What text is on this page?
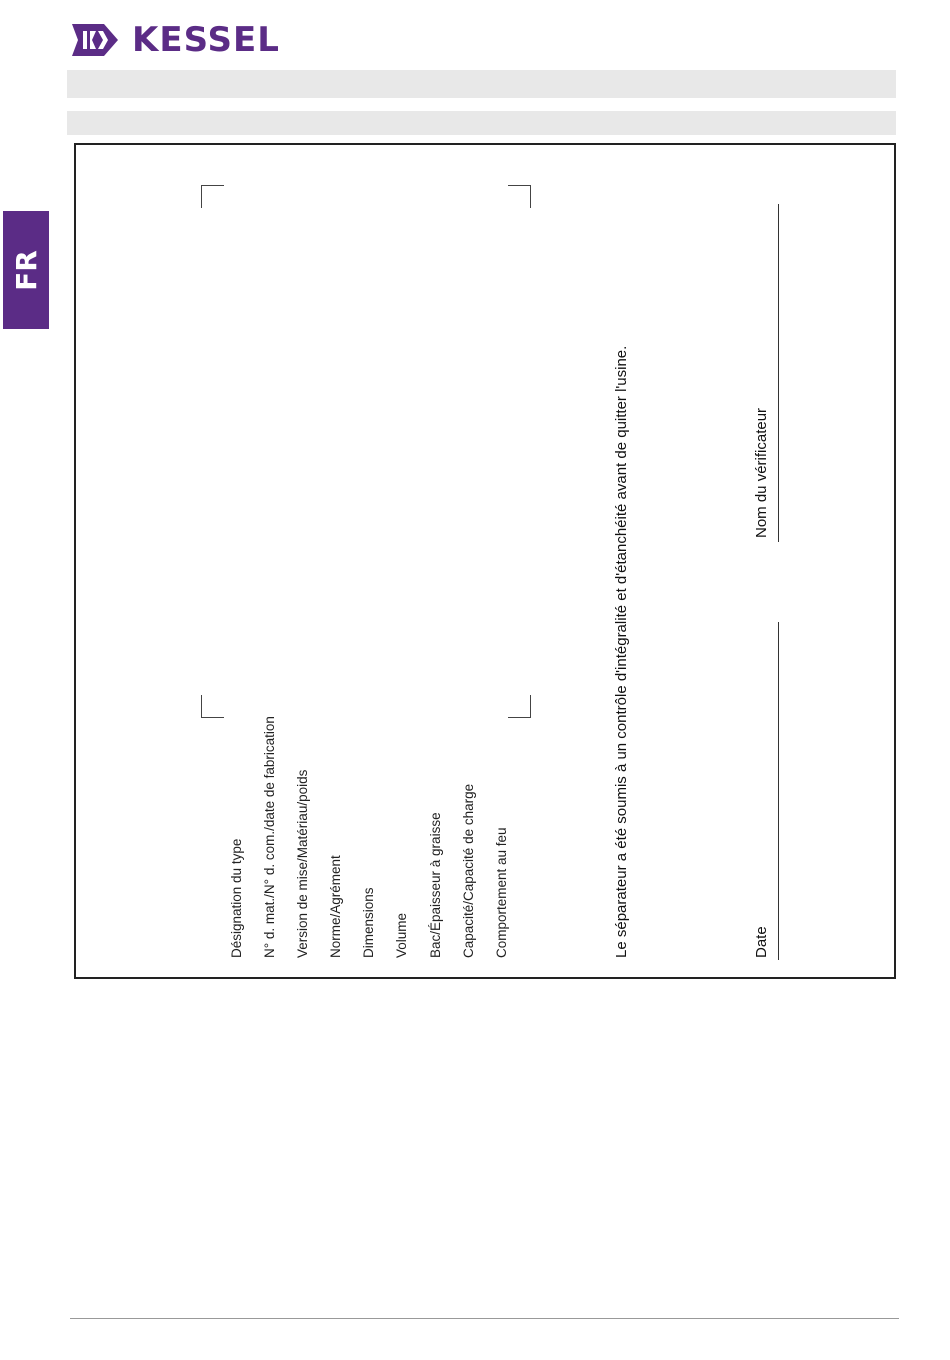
KESSEL
FR
Désignation du type N° d. mat./N° d. com./date de fabrication Version de mise/Matériau/poids Norme/Agrément Dimensions Volume Bac/Épaisseur à graisse Capacité/Capacité de charge Comportement au feu	Le séparateur a été soumis à un contrôle d'intégralité et d'étanchéité avant de quitter l'usine.	Date
Nom du vérificateur
